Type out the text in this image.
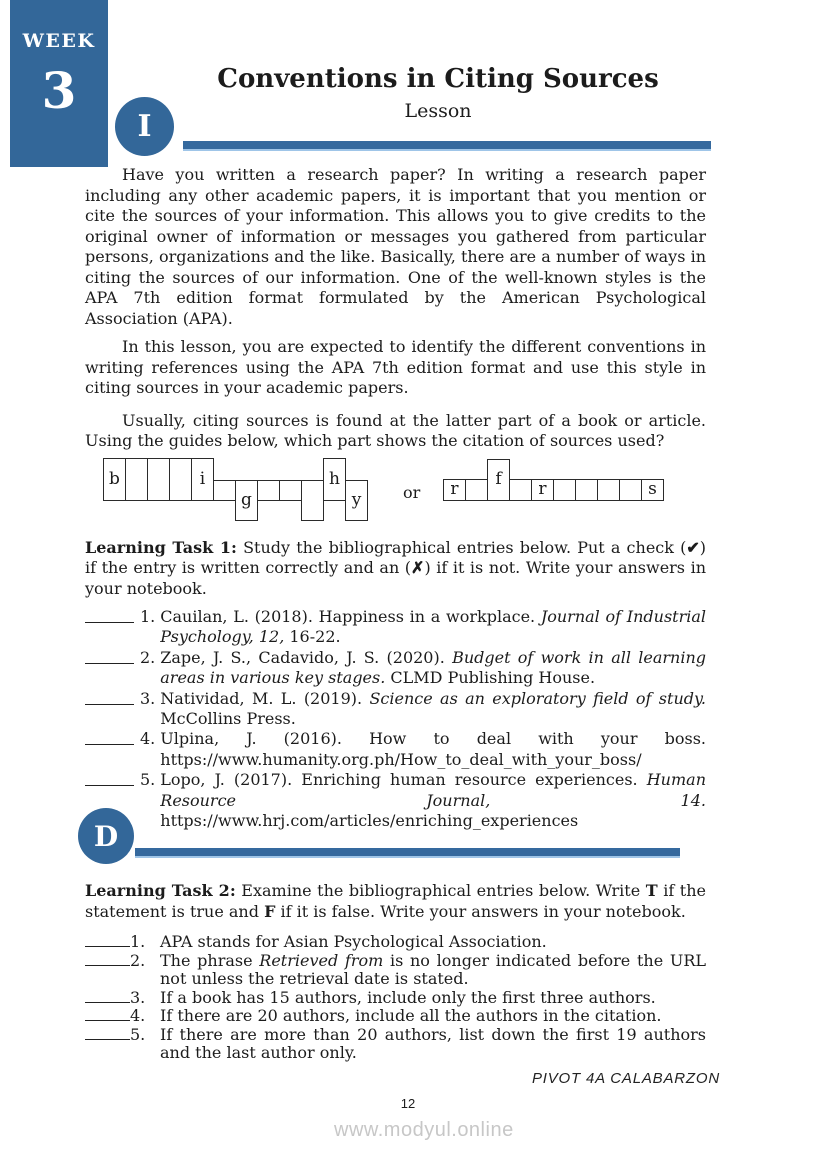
WEEK
3	Conventions in Citing Sources
Lesson
I

Have you written a research paper? In writing a research paper including any other academic papers, it is important that you mention or cite the sources of your information. This allows you to give credits to the original owner of information or messages you gathered from particular persons, organizations and the like. Basically, there are a number of ways in citing the sources of our information. One of the well-known styles is the APA 7th edition format formulated by the American Psychological Association (APA).

In this lesson, you are expected to identify the different conventions in writing references using the APA 7th edition format and use this style in citing sources in your academic papers.

Usually, citing sources is found at the latter part of a book or article. Using the guides below, which part shows the citation of sources used?

b	i
g
h
y	or r f r	s

Learning Task 1: Study the bibliographical entries below. Put a check (✔) if the entry is written correctly and an (✗) if it is not. Write your answers in your notebook.

1. Cauilan, L. (2018). Happiness in a workplace. Journal of Industrial Psychology, 12, 16-22.
2. Zape, J. S., Cadavido, J. S. (2020). Budget of work in all learning areas in various key stages. CLMD Publishing House.
3. Natividad, M. L. (2019). Science as an exploratory field of study. McCollins Press.
4. Ulpina, J. (2016). How to deal with your boss. https://www.humanity.org.ph/How_to_deal_with_your_boss/
5. Lopo, J. (2017). Enriching human resource experiences. Human Resource Journal, 14. https://www.hrj.com/articles/enriching_experiences
D

Learning Task 2: Examine the bibliographical entries below. Write T if the statement is true and F if it is false. Write your answers in your notebook.

1. APA stands for Asian Psychological Association.
2. The phrase Retrieved from is no longer indicated before the URL not unless the retrieval date is stated.
3. If a book has 15 authors, include only the first three authors.
4. If there are 20 authors, include all the authors in the citation.
5. If there are more than 20 authors, list down the first 19 authors and the last author only.
PIVOT 4A CALABARZON
12
www.modyul.online
